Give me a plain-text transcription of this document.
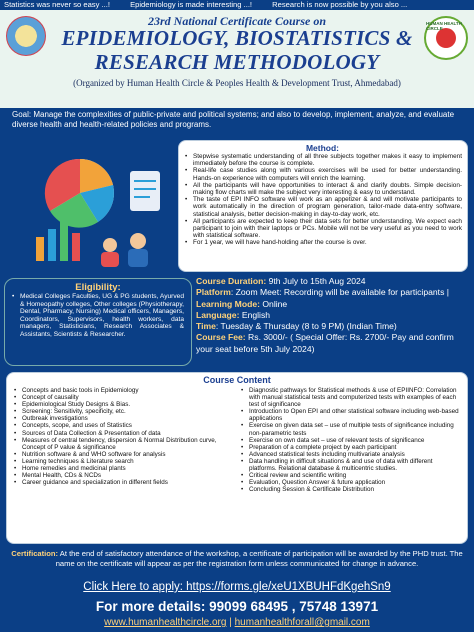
Statistics was never so easy ...!	Epidemiology is made interesting ...!	Research is now possible by you also ...
HUMAN HEALTH CIRCLE
23rd National Certificate Course on
EPIDEMIOLOGY, BIOSTATISTICS &
RESEARCH METHODOLOGY
(Organized by Human Health Circle & Peoples Health & Development Trust, Ahmedabad)
Goal: Manage the complexities of public-private and political systems; and also to develop, implement, analyze, and evaluate diverse health and health-related policies and programs.
Method:
• Stepwise systematic understanding of all three subjects together makes it easy to implement immediately before the course is complete.
• Real-life case studies along with various exercises will be used for better understanding. Hands-on experience with computers will enrich the learning.
• All the participants will have opportunities to interact & and clarify doubts. Simple decision-making flow charts will make the subject very interesting & easy to understand.
• The taste of EPI INFO software will work as an appetizer & and will motivate participants to work automatically in the direction of program generation, tailor-made data-entry software, statistical analysis, better decision-making in day-to-day work, etc.
• All participants are expected to keep their data sets for better understanding. We expect each participant to join with their laptops or PCs. Mobile will not be very useful as you need to work with statistical software.
• For 1 year, we will have hand-holding after the course is over.
Eligibility:
• Medical Colleges Faculties, UG & PG students, Ayurved & Homeopathy colleges, Other colleges (Physiotherapy, Dental, Pharmacy, Nursing) Medical officers, Managers, Coordinators, Supervisors, health workers, data managers, Statisticians, Research Associates & Assistants, Scientists & Researcher.
Course Duration: 9th July to 15th Aug 2024
Platform: Zoom Meet: Recording will be available for participants | Learning Mode: Online
Language: English
Time: Tuesday & Thursday (8 to 9 PM) (Indian Time)
Course Fee: Rs. 3000/- ( Special Offer: Rs. 2700/- Pay and confirm your seat before 5th July 2024)
Course Content
• Concepts and basic tools in Epidemiology
• Concept of causality
• Epidemiological Study Designs & Bias.
• Screening: Sensitivity, specificity, etc.
• Outbreak investigations
• Concepts, scope, and uses of Statistics
• Sources of Data Collection & Presentation of data
• Measures of central tendency, dispersion & Normal Distribution curve, Concept of P value & significance
• Nutrition software & and WHO software for analysis
• Learning techniques & Literature search
• Home remedies and medicinal plants
• Mental Health, CDs & NCDs
• Career guidance and specialization in different fields
• Diagnostic pathways for Statistical methods & use of EPIINFO: Correlation with manual statistical tests and computerized tests with examples of each test of significance
• Introduction to Open EPI and other statistical software including web-based applications
• Exercise on given data set – use of multiple tests of significance including non-parametric tests
• Exercise on own data set – use of relevant tests of significance
• Preparation of a complete project by each participant
• Advanced statistical tests including multivariate analysis
• Data handling in difficult situations & and use of data with different platforms. Relational database & multicentric studies.
• Critical review and scientific writing
• Evaluation, Question Answer & future application
• Concluding Session & Certificate Distribution
Certification: At the end of satisfactory attendance of the workshop, a certificate of participation will be awarded by the PHD trust. The name on the certificate will appear as per the registration form unless communicated for change in advance.
Click Here to apply: https://forms.gle/xeU1XBUHFdKgehSn9
For more details: 99099 68495 , 75748 13971
www.humanhealthcircle.org | humanhealthforall@gmail.com
